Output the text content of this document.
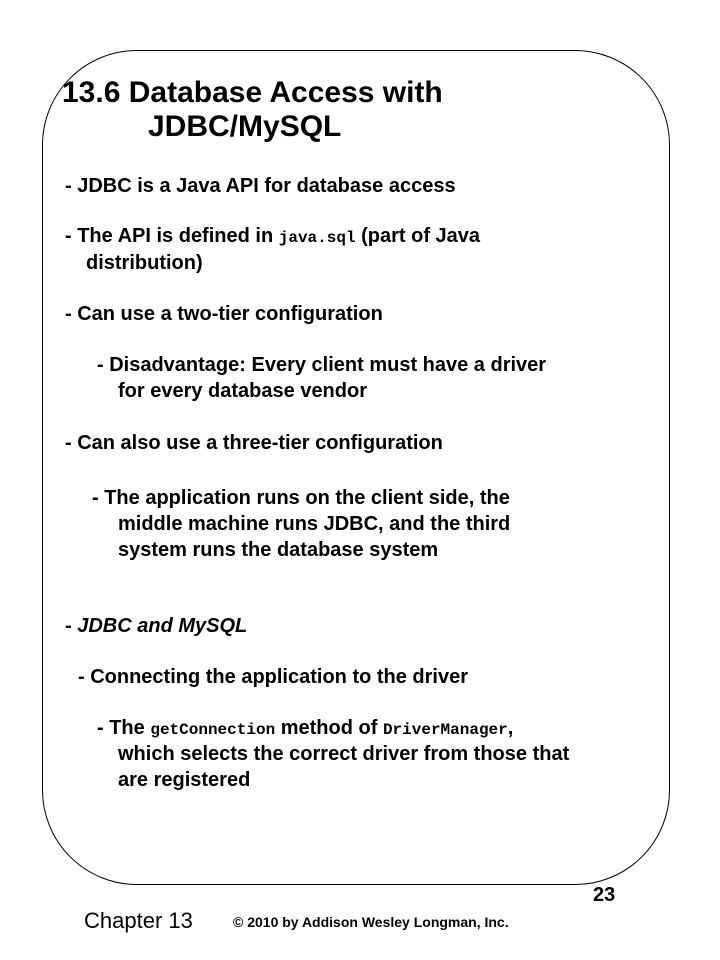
13.6 Database Access with
JDBC/MySQL
- JDBC is a Java API for database access
- The API is defined in java.sql (part of Java
distribution)
- Can use a two-tier configuration
- Disadvantage: Every client must have a driver
for every database vendor
- Can also use a three-tier configuration
- The application runs on the client side, the
middle machine runs JDBC, and the third
system runs the database system
- JDBC and MySQL
- Connecting the application to the driver
- The getConnection method of DriverManager,
which selects the correct driver from those that
are registered
Chapter 13	© 2010 by Addison Wesley Longman, Inc.
23
